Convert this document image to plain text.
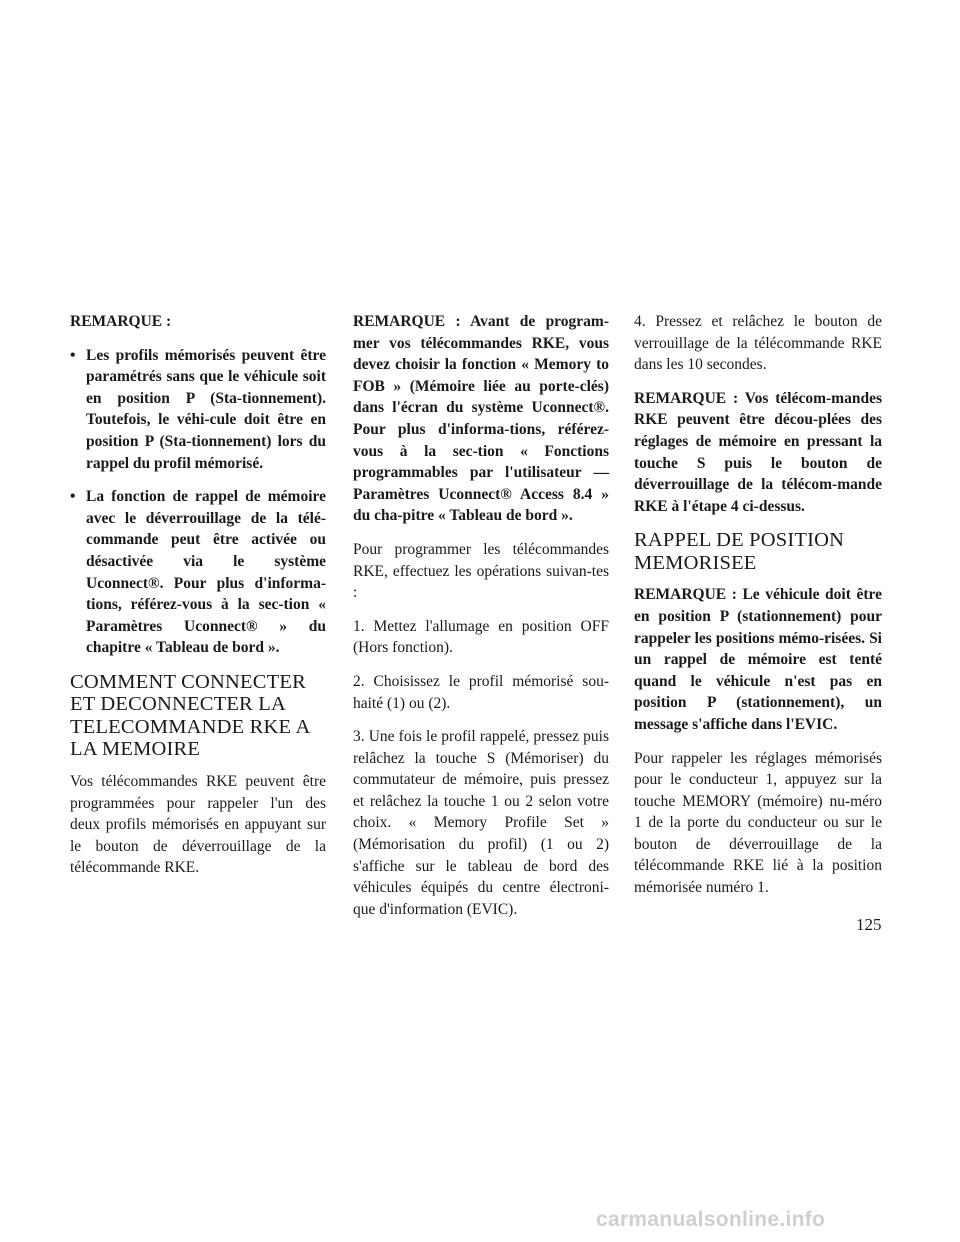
REMARQUE :

• Les profils mémorisés peuvent être paramétrés sans que le véhicule soit en position P (Sta-tionnement). Toutefois, le véhi-cule doit être en position P (Sta-tionnement) lors du rappel du profil mémorisé.
• La fonction de rappel de mémoire avec le déverrouillage de la télé-commande peut être activée ou désactivée via le système Uconnect®. Pour plus d'informa-tions, référez-vous à la sec-tion « Paramètres Uconnect® » du chapitre « Tableau de bord ».
COMMENT CONNECTER ET DECONNECTER LA TELECOMMANDE RKE A LA MEMOIRE

Vos télécommandes RKE peuvent être programmées pour rappeler l'un des deux profils mémorisés en appuyant sur le bouton de déverrouillage de la télécommande RKE.

REMARQUE : Avant de program-mer vos télécommandes RKE, vous devez choisir la fonction « Memory to FOB » (Mémoire liée au porte-clés) dans l'écran du système Uconnect®. Pour plus d'informa-tions, référez-vous à la sec-tion « Fonctions programmables par l'utilisateur — Paramètres Uconnect® Access 8.4 » du cha-pitre « Tableau de bord ».

Pour programmer les télécommandes RKE, effectuez les opérations suivan-tes :

1. Mettez l'allumage en position OFF (Hors fonction).

2. Choisissez le profil mémorisé sou-haité (1) ou (2).

3. Une fois le profil rappelé, pressez puis relâchez la touche S (Mémoriser) du commutateur de mémoire, puis pressez et relâchez la touche 1 ou 2 selon votre choix. « Memory Profile Set » (Mémorisation du profil) (1 ou 2) s'affiche sur le tableau de bord des véhicules équipés du centre électroni-que d'information (EVIC).

4. Pressez et relâchez le bouton de verrouillage de la télécommande RKE dans les 10 secondes.

REMARQUE : Vos télécom-mandes RKE peuvent être décou-plées des réglages de mémoire en pressant la touche S puis le bouton de déverrouillage de la télécom-mande RKE à l'étape 4 ci-dessus.

RAPPEL DE POSITION MEMORISEE

REMARQUE : Le véhicule doit être en position P (stationnement) pour rappeler les positions mémo-risées. Si un rappel de mémoire est tenté quand le véhicule n'est pas en position P (stationnement), un message s'affiche dans l'EVIC.

Pour rappeler les réglages mémorisés pour le conducteur 1, appuyez sur la touche MEMORY (mémoire) nu-méro 1 de la porte du conducteur ou sur le bouton de déverrouillage de la télécommande RKE lié à la position mémorisée numéro 1.

125
carmanualsonline.info
